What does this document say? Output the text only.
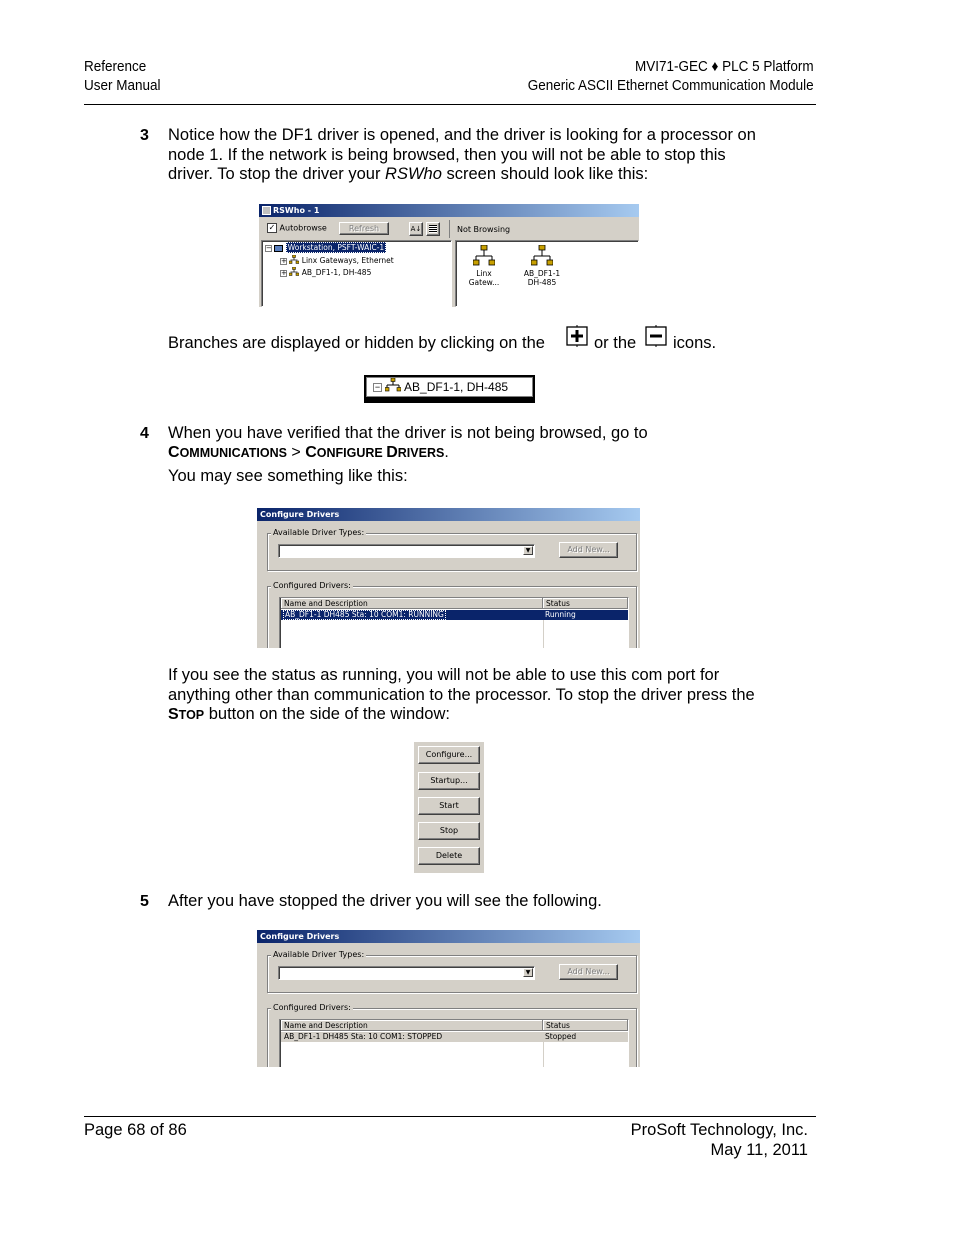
Reference
User Manual
MVI71-GEC ♦ PLC 5 Platform
Generic ASCII Ethernet Communication Module
3 Notice how the DF1 driver is opened, and the driver is looking for a processor on node 1. If the network is being browsed, then you will not be able to stop this driver. To stop the driver your RSWho screen should look like this:
RSWho - 1
✓ Autobrowse	Refresh	A↓	Not Browsing
− Workstation, PSFT-WAIC-1
+ Linx Gateways, Ethernet
+ AB_DF1-1, DH-485	Linx
Gatew...
AB_DF1-1
DH-485
Branches are displayed or hidden by clicking on the	or the icons.
− AB_DF1-1, DH-485
4 When you have verified that the driver is not being browsed, go to
COMMUNICATIONS > CONFIGURE DRIVERS.
You may see something like this:
Configure Drivers
Available Driver Types:
▼	Add New...
Configured Drivers:
Name and Description	Status
AB_DF1-1 DH485 Sta: 10 COM1: RUNNING	Running
If you see the status as running, you will not be able to use this com port for anything other than communication to the processor. To stop the driver press the STOP button on the side of the window:
Configure...
Startup...
Start
Stop
Delete
5 After you have stopped the driver you will see the following.
Configure Drivers
Available Driver Types:
▼	Add New...
Configured Drivers:
Name and Description	Status
AB_DF1-1 DH485 Sta: 10 COM1: STOPPED	Stopped
Page 68 of 86	ProSoft Technology, Inc.
May 11, 2011
